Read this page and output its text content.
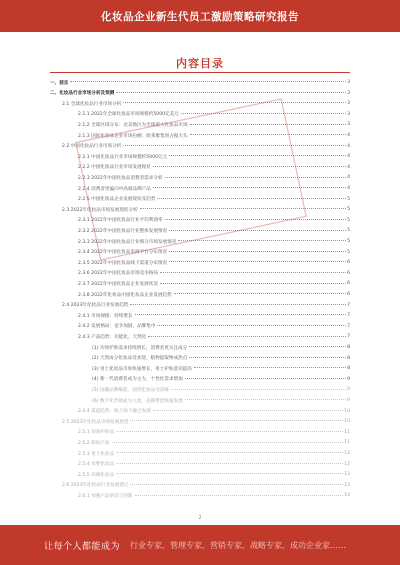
化妆品企业新生代员工激励策略研究报告
内容目录
一、前言	3
二、化妆品行业市场分析及预测	3
2.1 全球化妆品行业市场分析	3
2.1.1 2022年全球化妆品市场规模约5000亿美元	3
2.1.2 全球区域分布：北美地区为全球最大化妆品市场	3
2.1.3 国际化妆品企业市场份额：欧莱雅集团占据大头	4
2.2 中国化妆品行业市场分析	4
2.2.1 中国化妆品行业市场规模约5000亿元	4
2.2.2 中国化妆品行业市场发展现状	4
2.2.3 2022年中国化妆品消费者需求分析	4
2.2.4 消费者更偏向中高端品牌产品	4
2.2.5 中国化妆品企业发展现状及趋势	5
2.3 2022年化妆品市场发展现状分析	5
2.3.1 2022年中国化妆品行业平均利润率	5
2.3.2 2022年中国化妆品行业整体发展情况	5
2.3.3 2022年中国化妆品行业细分市场发展情况	5
2.3.4 2022年中国化妆品电商平台分布情况	5
2.3.5 2022年中国化妆品线下渠道分布情况	6
2.3.6 2022年中国化妆品市场竞争格局	6
2.3.7 2022年中国化妆品企业发展状况	6
2.3.8 2022年化妆品中国化妆品企业发展趋势	6
2.4 2023年化妆品行业发展趋势	7
2.4.1 市场规模：持续增长	7
2.4.2 发展格局：竞争加剧，品牌集中	7
2.4.3 产品趋势：功能化、天然化	7
(1) 功效护肤需求持续增长，消费者更关注成分	8
(2) 天然成分化妆品受欢迎，植物提取物成热点	8
(3) 男士化妆品市场快速增长，男士护肤意识提高	8
(4) 新一代消费者成为主力，个性化需求增加	9
(5) 国潮品牌崛起，国货化妆品受青睐	9
(6) 数字化营销成为主流，直播带货快速发展	9
2.4.4 渠道趋势：线上线下融合发展	10
2.5 2023年化妆品市场发展展望	10
2.5.1 功效护肤品	11
2.5.2 彩妆产品	11
2.5.3 男士化妆品	12
2.5.4 母婴化妆品	12
2.5.5 高端化妆品	13
2.6 2023年化妆品行业发展建议	13
2.6.1 加强产品研发与创新	14
2
让每个人都能成为 行业专家、管理专家、营销专家、战略专家、成功企业家……
